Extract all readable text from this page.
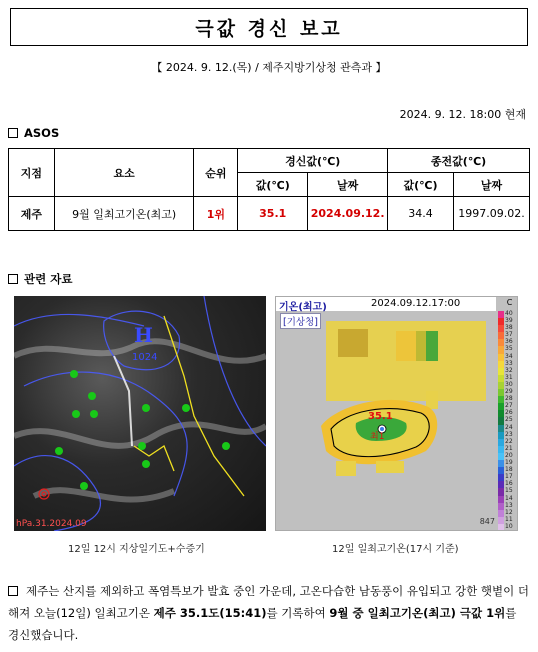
극값 경신 보고
【 2024. 9. 12.(목) / 제주지방기상청 관측과 】
2024. 9. 12. 18:00 현재
ASOS
지점	요소	순위	경신값(℃)		종전값(℃)	
			값(℃)	날짜	값(℃)	날짜
제주	9월 일최고기온(최고)	1위	35.1	2024.09.12.	34.4	1997.09.02.
관련 자료
H
1024
hPa.31.2024.09
기온(최고)	2024.09.12.17:00
[기상청]
35.1
최1
847
C
40
39
38
37
36
35
34
33
32
31
30
29
28
27
26
25
24
23
22
21
20
19
18
17
16
15
14
13
12
11
10
12일 12시 지상일기도+수증기	12일 일최고기온(17시 기준)
제주는 산지를 제외하고 폭염특보가 발효 중인 가운데, 고온다습한 남동풍이 유입되고 강한 햇볕이 더해져 오늘(12일) 일최고기온 제주 35.1도(15:41)를 기록하여 9월 중 일최고기온(최고) 극값 1위를 경신했습니다.
